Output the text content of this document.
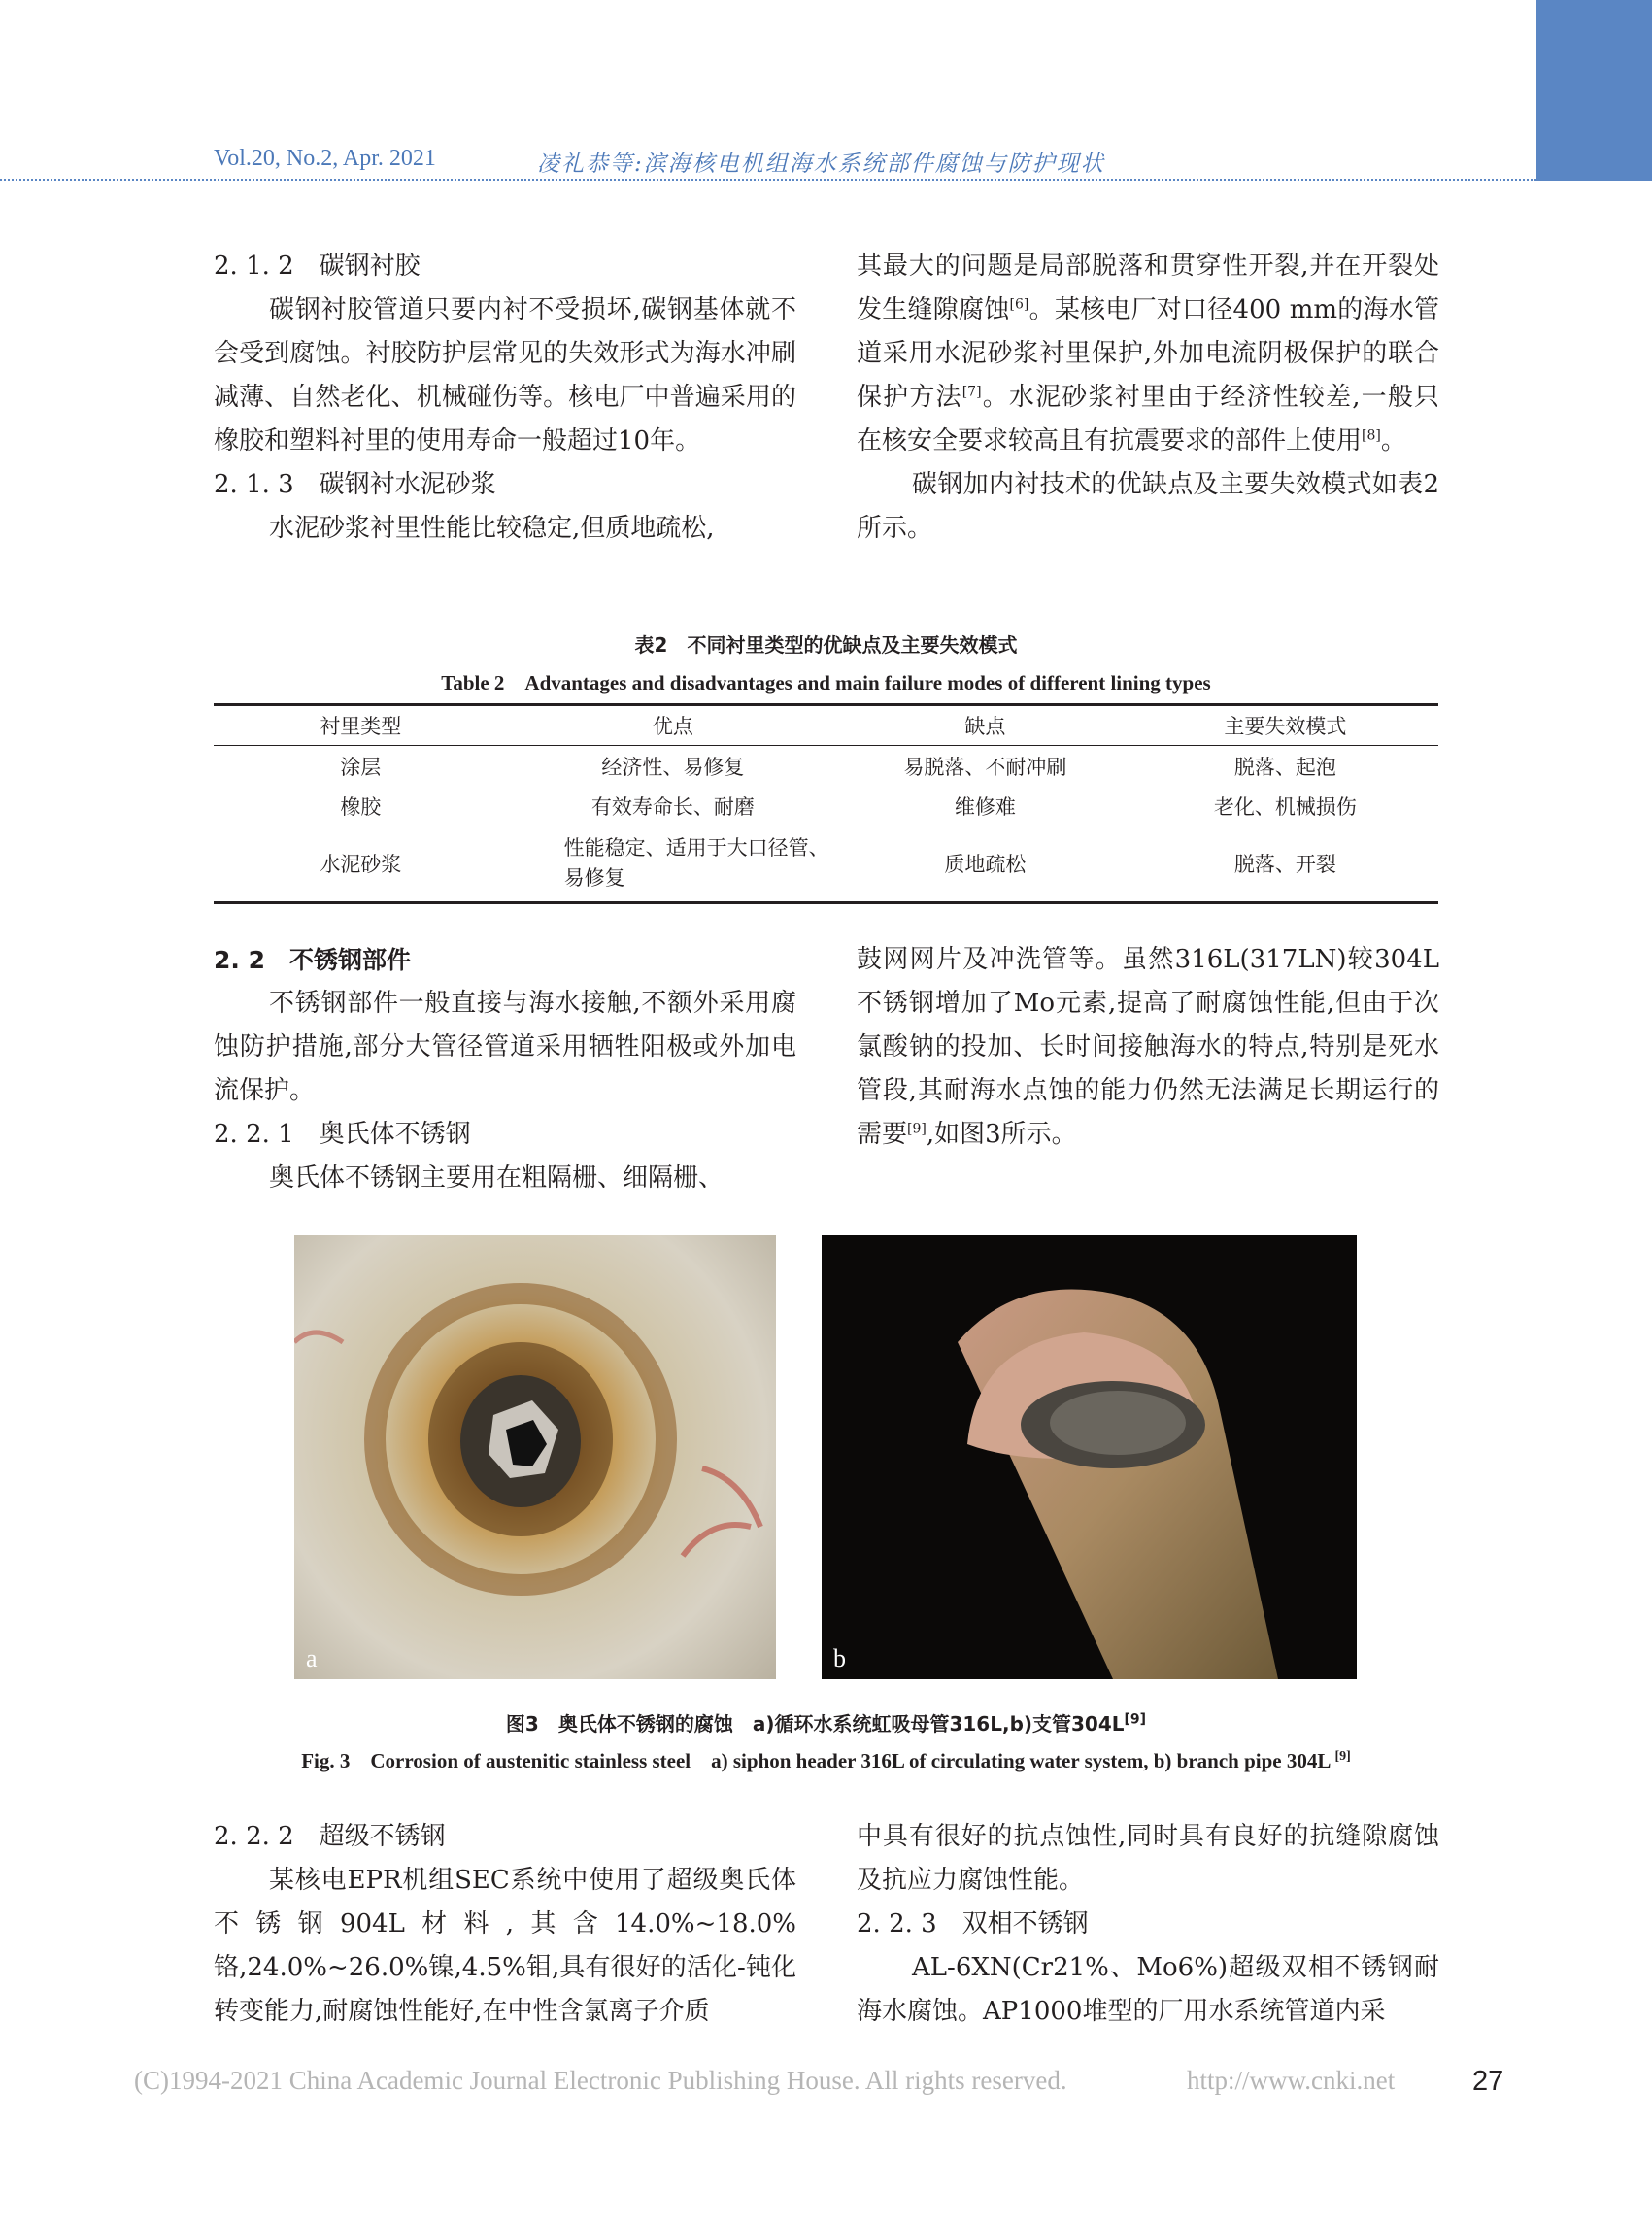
Vol.20, No.2, Apr. 2021	凌礼恭等:滨海核电机组海水系统部件腐蚀与防护现状

2. 1. 2　碳钢衬胶

碳钢衬胶管道只要内衬不受损坏,碳钢基体就不会受到腐蚀。衬胶防护层常见的失效形式为海水冲刷减薄、自然老化、机械碰伤等。核电厂中普遍采用的橡胶和塑料衬里的使用寿命一般超过10年。

2. 1. 3　碳钢衬水泥砂浆

水泥砂浆衬里性能比较稳定,但质地疏松,

其最大的问题是局部脱落和贯穿性开裂,并在开裂处发生缝隙腐蚀[6]。某核电厂对口径400 mm的海水管道采用水泥砂浆衬里保护,外加电流阴极保护的联合保护方法[7]。水泥砂浆衬里由于经济性较差,一般只在核安全要求较高且有抗震要求的部件上使用[8]。

碳钢加内衬技术的优缺点及主要失效模式如表2所示。

表2　不同衬里类型的优缺点及主要失效模式
Table 2　Advantages and disadvantages and main failure modes of different lining types
衬里类型	优点	缺点	主要失效模式
涂层	经济性、易修复	易脱落、不耐冲刷	脱落、起泡
橡胶	有效寿命长、耐磨	维修难	老化、机械损伤
水泥砂浆	性能稳定、适用于大口径管、易修复	质地疏松	脱落、开裂

2. 2　不锈钢部件

不锈钢部件一般直接与海水接触,不额外采用腐蚀防护措施,部分大管径管道采用牺牲阳极或外加电流保护。

2. 2. 1　奥氏体不锈钢

奥氏体不锈钢主要用在粗隔栅、细隔栅、

鼓网网片及冲洗管等。虽然316L(317LN)较304L不锈钢增加了Mo元素,提高了耐腐蚀性能,但由于次氯酸钠的投加、长时间接触海水的特点,特别是死水管段,其耐海水点蚀的能力仍然无法满足长期运行的需要[9],如图3所示。

a	b
图3　奥氏体不锈钢的腐蚀　a)循环水系统虹吸母管316L,b)支管304L[9]
Fig. 3　Corrosion of austenitic stainless steel　a) siphon header 316L of circulating water system, b) branch pipe 304L [9]

2. 2. 2　超级不锈钢

某核电EPR机组SEC系统中使用了超级奥氏体不锈钢904L材料,其含14.0%~18.0%铬,24.0%~26.0%镍,4.5%钼,具有很好的活化-钝化转变能力,耐腐蚀性能好,在中性含氯离子介质

中具有很好的抗点蚀性,同时具有良好的抗缝隙腐蚀及抗应力腐蚀性能。

2. 2. 3　双相不锈钢

AL-6XN(Cr21%、Mo6%)超级双相不锈钢耐海水腐蚀。AP1000堆型的厂用水系统管道内采

(C)1994-2021 China Academic Journal Electronic Publishing House. All rights reserved.	http://www.cnki.net	27
